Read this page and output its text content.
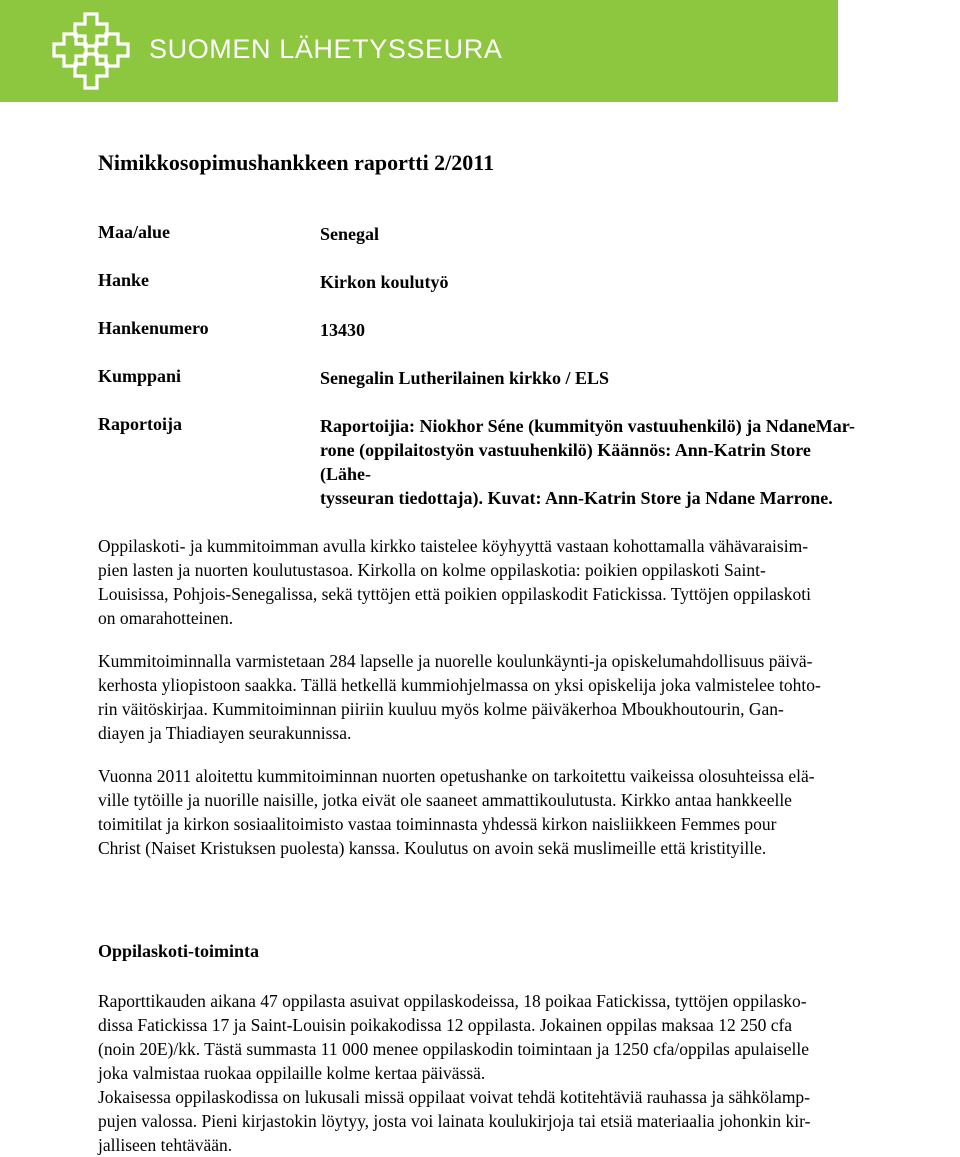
SUOMEN LÄHETYSSEURA
Nimikkosopimushankkeen raportti 2/2011
Maa/alue	Senegal
Hanke	Kirkon koulutyö
Hankenumero	13430
Kumppani	Senegalin Lutherilainen kirkko / ELS
Raportoija	Raportoijia: Niokhor Séne (kummityön vastuuhenkilö) ja NdaneMar-
rone (oppilaitostyön vastuuhenkilö) Käännös: Ann-Katrin Store (Lähe-
tysseuran tiedottaja). Kuvat: Ann-Katrin Store ja Ndane Marrone.

Oppilaskoti- ja kummitoimman avulla kirkko taistelee köyhyyttä vastaan kohottamalla vähävaraisim-
pien lasten ja nuorten koulutustasoa. Kirkolla on kolme oppilaskotia: poikien oppilaskoti Saint-
Louisissa, Pohjois-Senegalissa, sekä tyttöjen että poikien oppilaskodit Fatickissa. Tyttöjen oppilaskoti
on omarahotteinen.

Kummitoiminnalla varmistetaan 284 lapselle ja nuorelle koulunkäynti-ja opiskelumahdollisuus päivä-
kerhosta yliopistoon saakka. Tällä hetkellä kummiohjelmassa on yksi opiskelija joka valmistelee tohto-
rin väitöskirjaa. Kummitoiminnan piiriin kuuluu myös kolme päiväkerhoa Mboukhoutourin, Gan-
diayen ja Thiadiayen seurakunnissa.

Vuonna 2011 aloitettu kummitoiminnan nuorten opetushanke on tarkoitettu vaikeissa olosuhteissa elä-
ville tytöille ja nuorille naisille, jotka eivät ole saaneet ammattikoulutusta. Kirkko antaa hankkeelle
toimitilat ja kirkon sosiaalitoimisto vastaa toiminnasta yhdessä kirkon naisliikkeen Femmes pour
Christ (Naiset Kristuksen puolesta) kanssa. Koulutus on avoin sekä muslimeille että kristityille.

Oppilaskoti-toiminta

Raporttikauden aikana 47 oppilasta asuivat oppilaskodeissa, 18 poikaa Fatickissa, tyttöjen oppilasko-
dissa Fatickissa 17 ja Saint-Louisin poikakodissa 12 oppilasta. Jokainen oppilas maksaa 12 250 cfa
(noin 20E)/kk. Tästä summasta 11 000 menee oppilaskodin toimintaan ja 1250 cfa/oppilas apulaiselle
joka valmistaa ruokaa oppilaille kolme kertaa päivässä.

Jokaisessa oppilaskodissa on lukusali missä oppilaat voivat tehdä kotitehtäviä rauhassa ja sähkölamp-
pujen valossa. Pieni kirjastokin löytyy, josta voi lainata koulukirjoja tai etsiä materiaalia johonkin kir-
jalliseen tehtävään.
